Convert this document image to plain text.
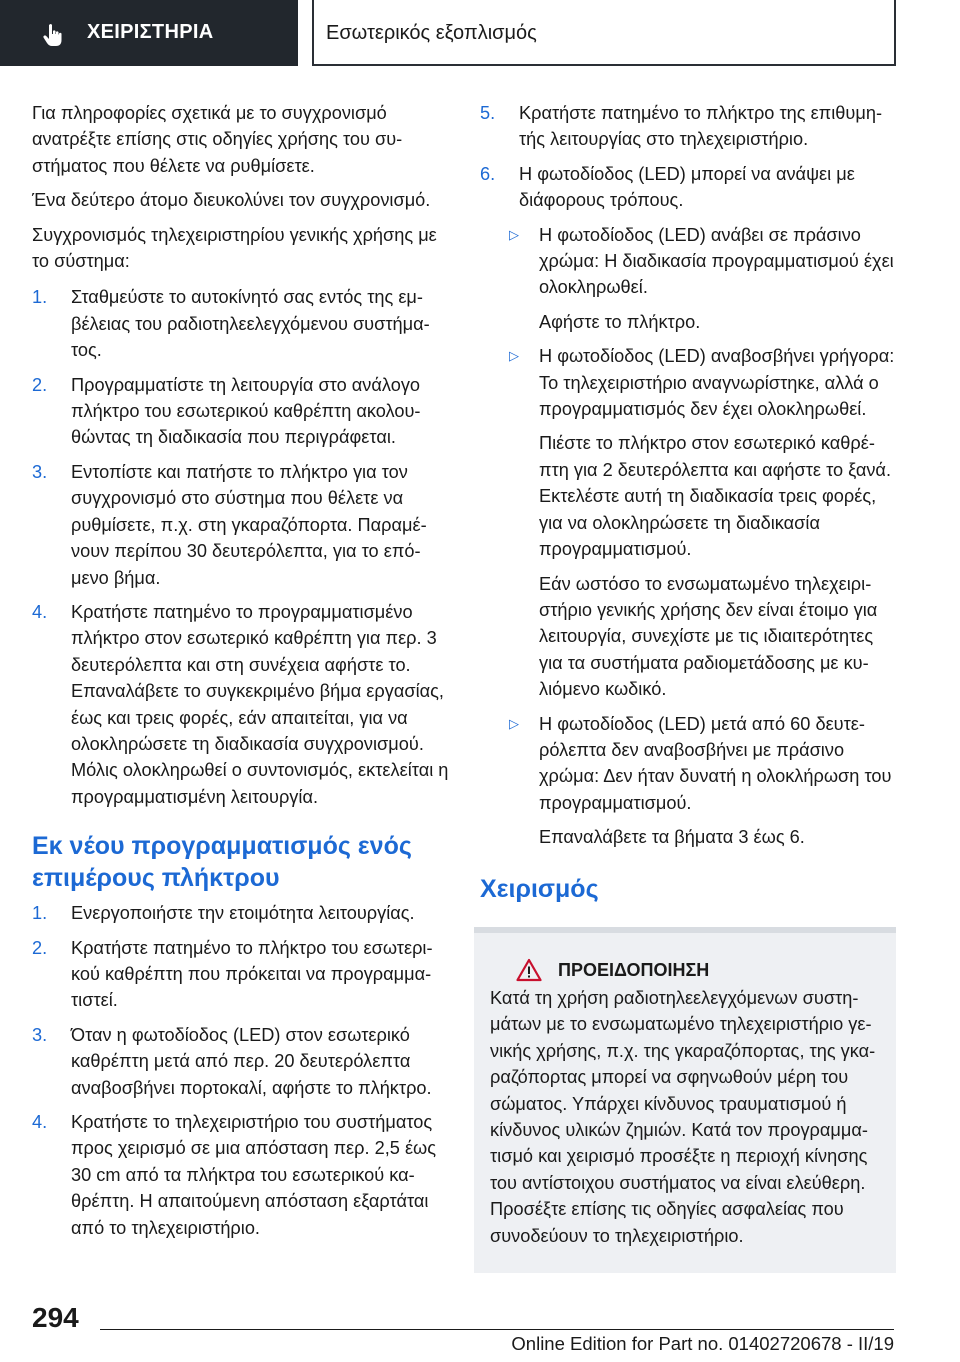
ΧΕΙΡΙΣΤΗΡΙΑ	Εσωτερικός εξοπλισμός

Για πληροφορίες σχετικά με το συγχρονισμό ανατρέξτε επίσης στις οδηγίες χρήσης του συστήματος που θέλετε να ρυθμίσετε.

Ένα δεύτερο άτομο διευκολύνει τον συγχρονισμό.

Συγχρονισμός τηλεχειριστηρίου γενικής χρήσης με το σύστημα:

1. Σταθμεύστε το αυτοκίνητό σας εντός της εμβέλειας του ραδιοτηλεελεγχόμενου συστήματος.
2. Προγραμματίστε τη λειτουργία στο ανάλογο πλήκτρο του εσωτερικού καθρέπτη ακολουθώντας τη διαδικασία που περιγράφεται.
3. Εντοπίστε και πατήστε το πλήκτρο για τον συγχρονισμό στο σύστημα που θέλετε να ρυθμίσετε, π.χ. στη γκαραζόπορτα. Παραμένουν περίπου 30 δευτερόλεπτα, για το επόμενο βήμα.
4. Κρατήστε πατημένο το προγραμματισμένο πλήκτρο στον εσωτερικό καθρέπτη για περ. 3 δευτερόλεπτα και στη συνέχεια αφήστε το. Επαναλάβετε το συγκεκριμένο βήμα εργασίας, έως και τρεις φορές, εάν απαιτείται, για να ολοκληρώσετε τη διαδικασία συγχρονισμού. Μόλις ολοκληρωθεί ο συντονισμός, εκτελείται η προγραμματισμένη λειτουργία.
Εκ νέου προγραμματισμός ενός επιμέρους πλήκτρου
1. Ενεργοποιήστε την ετοιμότητα λειτουργίας.
2. Κρατήστε πατημένο το πλήκτρο του εσωτερικού καθρέπτη που πρόκειται να προγραμματιστεί.
3. Όταν η φωτοδίοδος (LED) στον εσωτερικό καθρέπτη μετά από περ. 20 δευτερόλεπτα αναβοσβήνει πορτοκαλί, αφήστε το πλήκτρο.
4. Κρατήστε το τηλεχειριστήριο του συστήματος προς χειρισμό σε μια απόσταση περ. 2,5 έως 30 cm από τα πλήκτρα του εσωτερικού καθρέπτη. Η απαιτούμενη απόσταση εξαρτάται από το τηλεχειριστήριο.
5. Κρατήστε πατημένο το πλήκτρο της επιθυμητής λειτουργίας στο τηλεχειριστήριο.
6. Η φωτοδίοδος (LED) μπορεί να ανάψει με διάφορους τρόπους.
▷ Η φωτοδίοδος (LED) ανάβει σε πράσινο χρώμα: Η διαδικασία προγραμματισμού έχει ολοκληρωθεί.

Αφήστε το πλήκτρο.

▷ Η φωτοδίοδος (LED) αναβοσβήνει γρήγορα: Το τηλεχειριστήριο αναγνωρίστηκε, αλλά ο προγραμματισμός δεν έχει ολοκληρωθεί.

Πιέστε το πλήκτρο στον εσωτερικό καθρέπτη για 2 δευτερόλεπτα και αφήστε το ξανά. Εκτελέστε αυτή τη διαδικασία τρεις φορές, για να ολοκληρώσετε τη διαδικασία προγραμματισμού.

Εάν ωστόσο το ενσωματωμένο τηλεχειριστήριο γενικής χρήσης δεν είναι έτοιμο για λειτουργία, συνεχίστε με τις ιδιαιτερότητες για τα συστήματα ραδιομετάδοσης με κυλιόμενο κωδικό.

▷ Η φωτοδίοδος (LED) μετά από 60 δευτερόλεπτα δεν αναβοσβήνει με πράσινο χρώμα: Δεν ήταν δυνατή η ολοκλήρωση του προγραμματισμού.

Επαναλάβετε τα βήματα 3 έως 6.

Χειρισμός
ΠΡΟΕΙΔΟΠΟΙΗΣΗ

Κατά τη χρήση ραδιοτηλεελεγχόμενων συστημάτων με το ενσωματωμένο τηλεχειριστήριο γενικής χρήσης, π.χ. της γκαραζόπορτας, της γκαραζόπορτας μπορεί να σφηνωθούν μέρη του σώματος. Υπάρχει κίνδυνος τραυματισμού ή κίνδυνος υλικών ζημιών. Κατά τον προγραμματισμό και χειρισμό προσέξτε η περιοχή κίνησης του αντίστοιχου συστήματος να είναι ελεύθερη. Προσέξτε επίσης τις οδηγίες ασφαλείας που συνοδεύουν το τηλεχειριστήριο.

294
Online Edition for Part no. 01402720678 - II/19
